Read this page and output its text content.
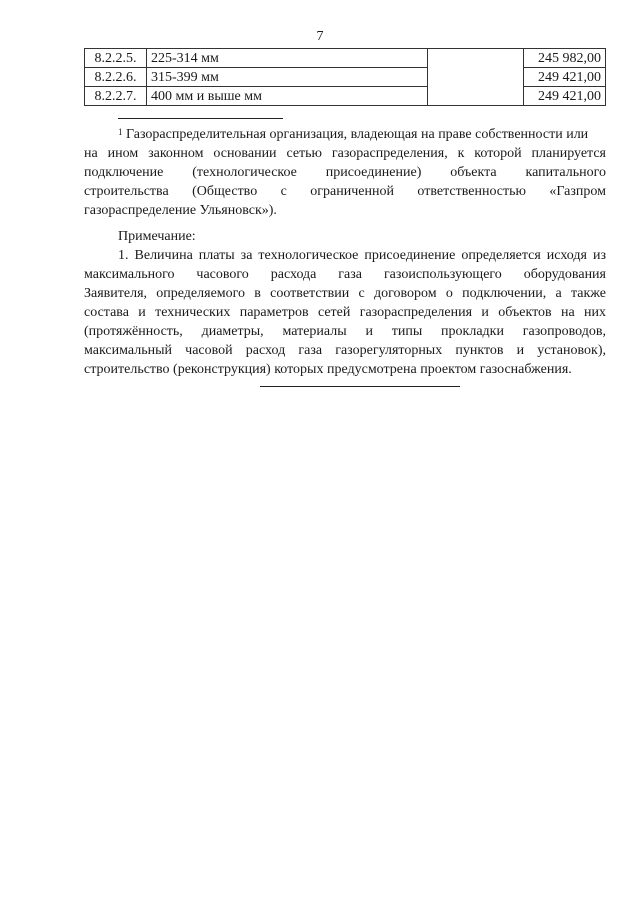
7
8.2.2.5.	225-314 мм		245 982,00
8.2.2.6.	315-399 мм		249 421,00
8.2.2.7.	400 мм и выше мм		249 421,00
$^1$ Газораспределительная организация, владеющая на праве собственности или
на ином законном основании сетью газораспределения, к которой планируется
подключение (технологическое присоединение) объекта капитального
строительства (Общество с ограниченной ответственностью «Газпром
газораспределение Ульяновск»).
Примечание:
1. Величина платы за технологическое присоединение определяется исходя из
максимального часового расхода газа газоиспользующего оборудования
Заявителя, определяемого в соответствии с договором о подключении, а также
состава и технических параметров сетей газораспределения и объектов на них
(протяжённость, диаметры, материалы и типы прокладки газопроводов,
максимальный часовой расход газа газорегуляторных пунктов и установок),
строительство (реконструкция) которых предусмотрена проектом газоснабжения.
